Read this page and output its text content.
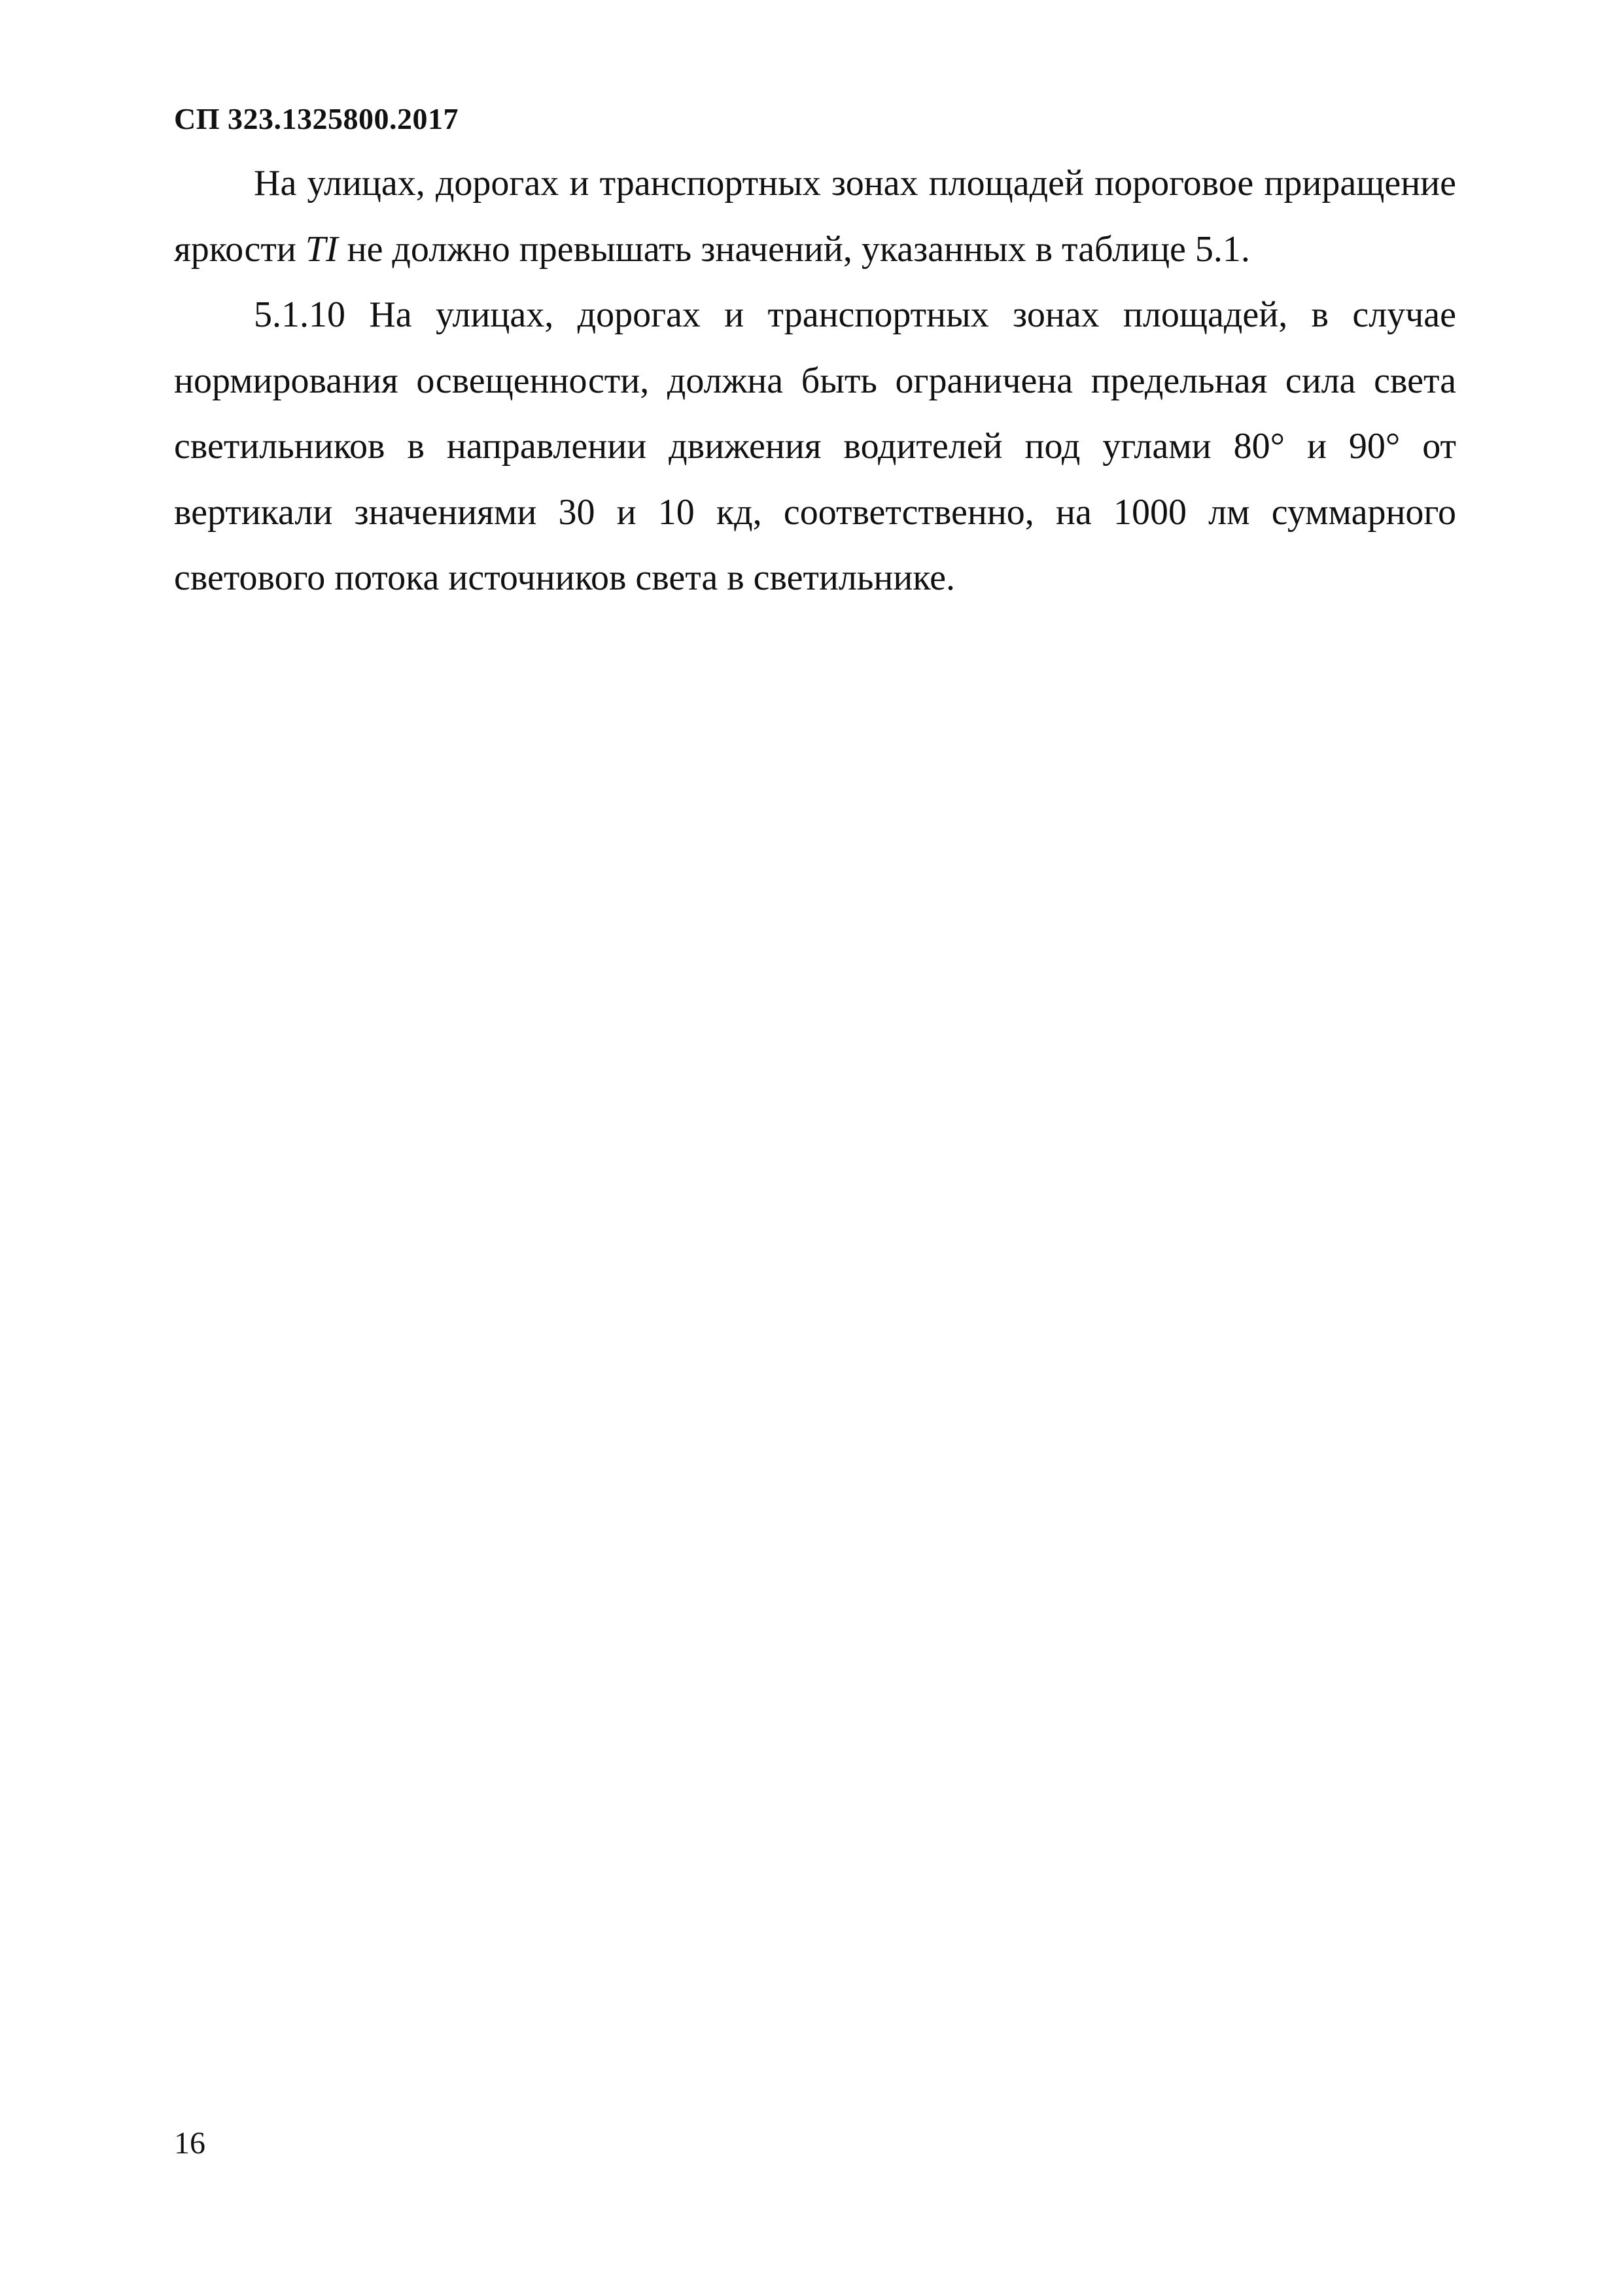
СП 323.1325800.2017

На улицах, дорогах и транспортных зонах площадей пороговое приращение яркости TI не должно превышать значений, указанных в таблице 5.1.

5.1.10 На улицах, дорогах и транспортных зонах площадей, в случае нормирования освещенности, должна быть ограничена предельная сила света светильников в направлении движения водителей под углами 80° и 90° от вертикали значениями 30 и 10 кд, соответственно, на 1000 лм суммарного светового потока источников света в светильнике.

16
